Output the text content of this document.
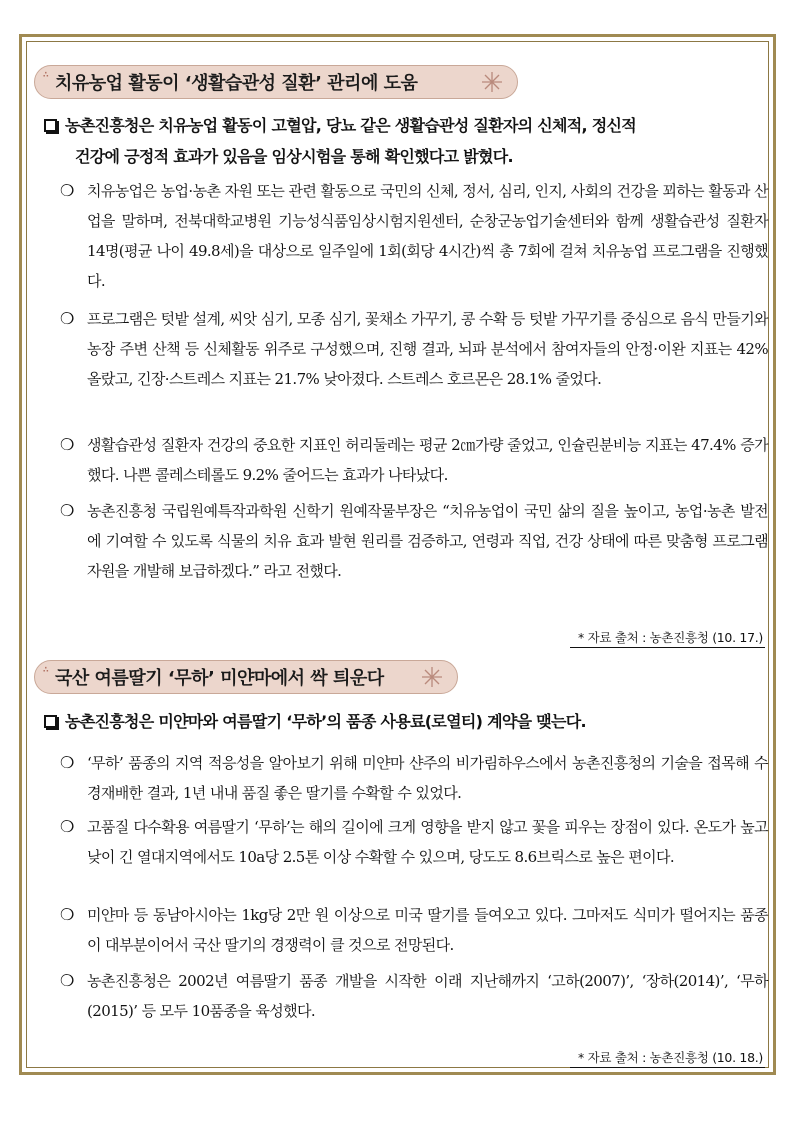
∴ 치유농업 활동이 ‘생활습관성 질환’ 관리에 도움
농촌진흥청은 치유농업 활동이 고혈압, 당뇨 같은 생활습관성 질환자의 신체적, 정신적
건강에 긍정적 효과가 있음을 임상시험을 통해 확인했다고 밝혔다.
❍ 치유농업은 농업·농촌 자원 또는 관련 활동으로 국민의 신체, 정서, 심리, 인지, 사회의 건강을 꾀하는 활동과 산업을 말하며, 전북대학교병원 기능성식품임상시험지원센터, 순창군농업기술센터와 함께 생활습관성 질환자 14명(평균 나이 49.8세)을 대상으로 일주일에 1회(회당 4시간)씩 총 7회에 걸쳐 치유농업 프로그램을 진행했다.
❍ 프로그램은 텃밭 설계, 씨앗 심기, 모종 심기, 꽃채소 가꾸기, 콩 수확 등 텃밭 가꾸기를 중심으로 음식 만들기와 농장 주변 산책 등 신체활동 위주로 구성했으며, 진행 결과, 뇌파 분석에서 참여자들의 안정·이완 지표는 42% 올랐고, 긴장·스트레스 지표는 21.7% 낮아졌다. 스트레스 호르몬은 28.1% 줄었다.
❍ 생활습관성 질환자 건강의 중요한 지표인 허리둘레는 평균 2㎝가량 줄었고, 인슐린분비능 지표는 47.4% 증가했다. 나쁜 콜레스테롤도 9.2% 줄어드는 효과가 나타났다.
❍ 농촌진흥청 국립원예특작과학원 신학기 원예작물부장은 “치유농업이 국민 삶의 질을 높이고, 농업·농촌 발전에 기여할 수 있도록 식물의 치유 효과 발현 원리를 검증하고, 연령과 직업, 건강 상태에 따른 맞춤형 프로그램 자원을 개발해 보급하겠다.” 라고 전했다.
* 자료 출처 : 농촌진흥청 (10. 17.)
∴ 국산 여름딸기 ‘무하’ 미얀마에서 싹 틔운다
농촌진흥청은 미얀마와 여름딸기 ‘무하’의 품종 사용료(로열티) 계약을 맺는다.
❍ ‘무하’ 품종의 지역 적응성을 알아보기 위해 미얀마 샨주의 비가림하우스에서 농촌진흥청의 기술을 접목해 수경재배한 결과, 1년 내내 품질 좋은 딸기를 수확할 수 있었다.
❍ 고품질 다수확용 여름딸기 ‘무하’는 해의 길이에 크게 영향을 받지 않고 꽃을 피우는 장점이 있다. 온도가 높고 낮이 긴 열대지역에서도 10a당 2.5톤 이상 수확할 수 있으며, 당도도 8.6브릭스로 높은 편이다.
❍ 미얀마 등 동남아시아는 1kg당 2만 원 이상으로 미국 딸기를 들여오고 있다. 그마저도 식미가 떨어지는 품종이 대부분이어서 국산 딸기의 경쟁력이 클 것으로 전망된다.
❍ 농촌진흥청은 2002년 여름딸기 품종 개발을 시작한 이래 지난해까지 ‘고하(2007)’, ‘장하(2014)’, ‘무하(2015)’ 등 모두 10품종을 육성했다.
* 자료 출처 : 농촌진흥청 (10. 18.)
